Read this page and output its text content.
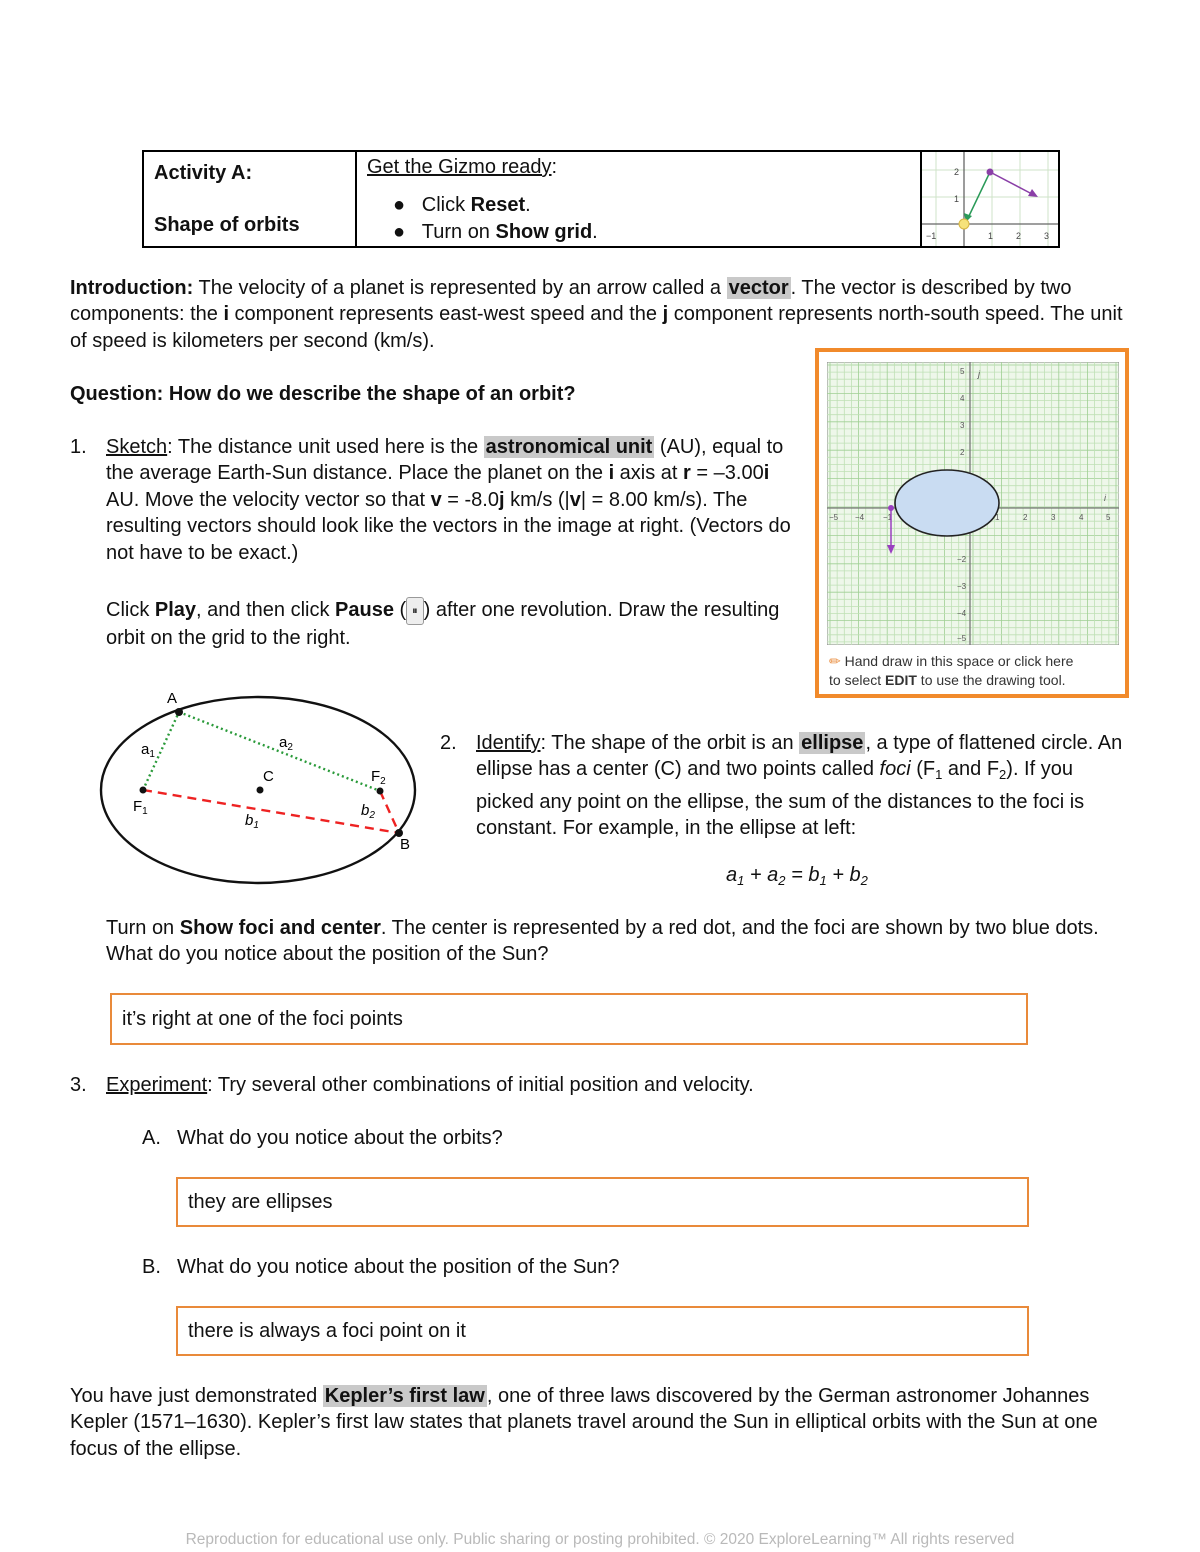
Activity A:
Shape of orbits
Get the Gizmo ready:
●   Click Reset.
●   Turn on Show grid.
2
1
−1	1	2	3
Introduction: The velocity of a planet is represented by an arrow called a vector . The vector is described by two components: the i component represents east-west speed and the j component represents north-south speed. The unit of speed is kilometers per second (km/s).
Question: How do we describe the shape of an orbit?
1. Sketch: The distance unit used here is the astronomical unit (AU), equal to the average Earth-Sun distance. Place the planet on the i axis at r = –3.00i AU. Move the velocity vector so that v = -8.0j km/s (|v| = 8.00 km/s). The resulting vectors should look like the vectors in the image at right. (Vectors do not have to be exact.)
Click Play, and then click Pause ( ⏸ ) after one revolution. Draw the resulting orbit on the grid to the right.
i
j
−5 −4 −1	1	2	3	4	5
5
4
3
2
−2
−3
−4
−5
✏ Hand draw in this space or click here
to select EDIT to use the drawing tool.
A
B
C
$F_1$
$F_2$
$a_1$
$a_2$
$b_1$
$b_2$
2. Identify: The shape of the orbit is an ellipse , a type of flattened circle. An ellipse has a center (C) and two points called foci ($F_1$ and $F_2$). If you picked any point on the ellipse, the sum of the distances to the foci is constant. For example, in the ellipse at left:
$a_1 + a_2 = b_1 + b_2$
Turn on Show foci and center. The center is represented by a red dot, and the foci are shown by two blue dots. What do you notice about the position of the Sun?
it’s right at one of the foci points
3. Experiment: Try several other combinations of initial position and velocity.
A. What do you notice about the orbits?
they are ellipses
B. What do you notice about the position of the Sun?
there is always a foci point on it
You have just demonstrated Kepler’s first law , one of three laws discovered by the German astronomer Johannes Kepler (1571–1630). Kepler’s first law states that planets travel around the Sun in elliptical orbits with the Sun at one focus of the ellipse.
Reproduction for educational use only. Public sharing or posting prohibited. © 2020 ExploreLearning™ All rights reserved
